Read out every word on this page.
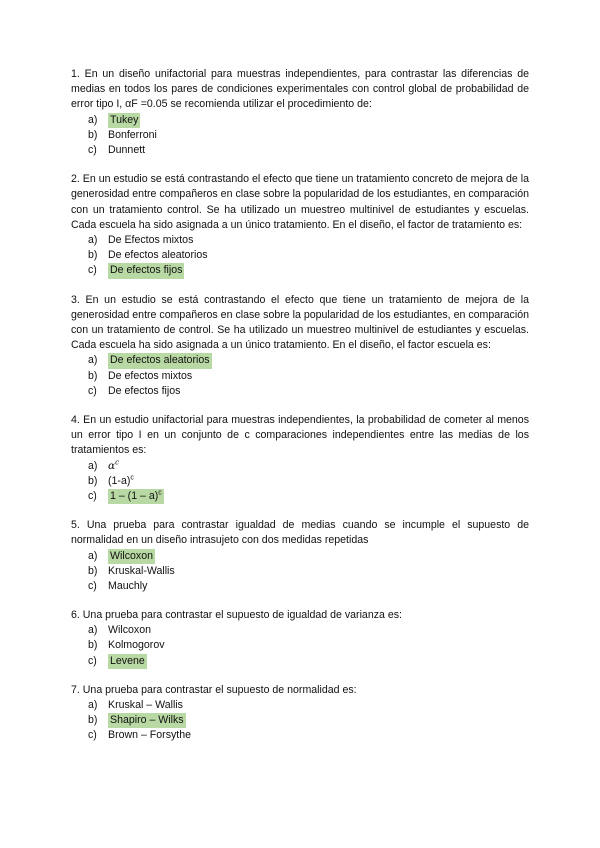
1. En un diseño unifactorial para muestras independientes, para contrastar las diferencias de medias en todos los pares de condiciones experimentales con control global de probabilidad de error tipo I, αF =0.05 se recomienda utilizar el procedimiento de:
a)	Tukey
b) Bonferroni
c)	Dunnett
2. En un estudio se está contrastando el efecto que tiene un tratamiento concreto de mejora de la generosidad entre compañeros en clase sobre la popularidad de los estudiantes, en comparación con un tratamiento control. Se ha utilizado un muestreo multinivel de estudiantes y escuelas. Cada escuela ha sido asignada a un único tratamiento. En el diseño, el factor de tratamiento es:
a) De Efectos mixtos
b) De efectos aleatorios
c)	De efectos fijos
3. En un estudio se está contrastando el efecto que tiene un tratamiento de mejora de la generosidad entre compañeros en clase sobre la popularidad de los estudiantes, en comparación con un tratamiento de control. Se ha utilizado un muestreo multinivel de estudiantes y escuelas. Cada escuela ha sido asignada a un único tratamiento. En el diseño, el factor escuela es:
a)	De efectos aleatorios
b) De efectos mixtos
c)	De efectos fijos
4. En un estudio unifactorial para muestras independientes, la probabilidad de cometer al menos un error tipo I en un conjunto de c comparaciones independientes entre las medias de los tratamientos es:
a) $\alpha^c$
b) $(1-a)^c$
c)	1 – (1 – a)$^c$
5. Una prueba para contrastar igualdad de medias cuando se incumple el supuesto de normalidad en un diseño intrasujeto con dos medidas repetidas
a)	Wilcoxon
b) Kruskal-Wallis
c)	Mauchly
6. Una prueba para contrastar el supuesto de igualdad de varianza es:
a) Wilcoxon
b) Kolmogorov
c)	Levene
7. Una prueba para contrastar el supuesto de normalidad es:
a) Kruskal – Wallis
b)	Shapiro – Wilks
c)	Brown – Forsythe
